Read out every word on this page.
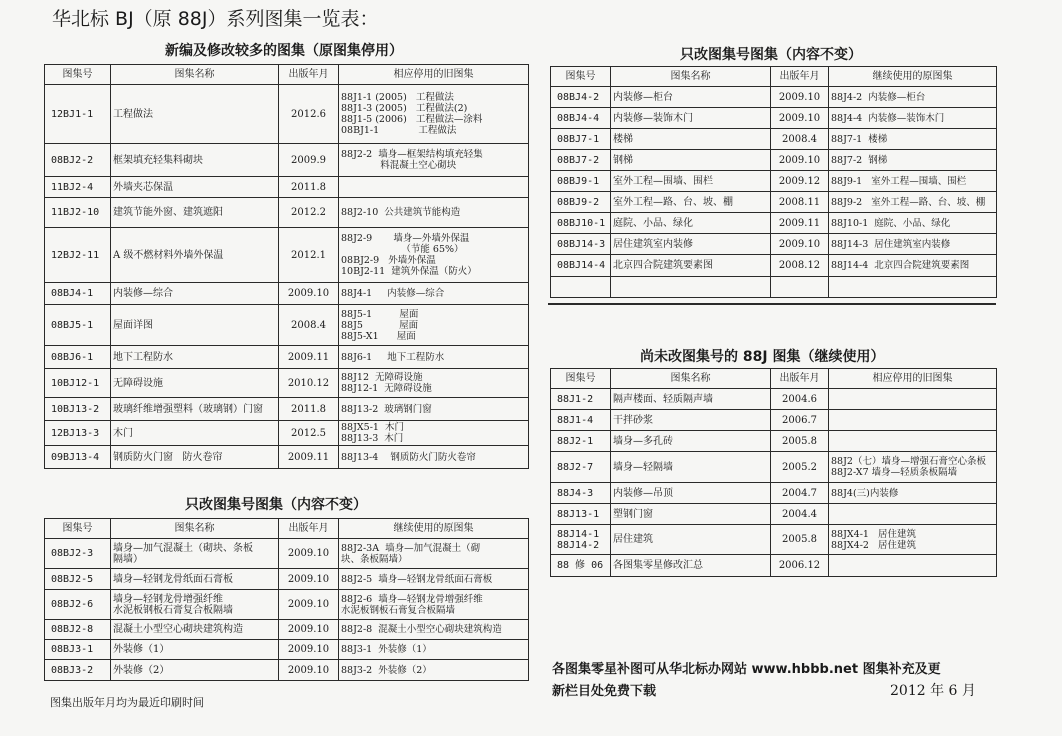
华北标 BJ（原 88J）系列图集一览表：
新编及修改较多的图集（原图集停用）
只改图集号图集（内容不变）
只改图集号图集（内容不变）
尚未改图集号的 88J 图集（继续使用）
图集号	图集名称	出版年月	相应停用的旧图集
12BJ1-1	工程做法	2012.6	88J1-1 (2005)   工程做法
88J1-3 (2005)   工程做法(2)
88J1-5 (2006)   工程做法—涂料
08BJ1-1             工程做法
08BJ2-2	框架填充轻集料砌块	2009.9	88J2-2  墙身—框架结构填充轻集
料混凝土空心砌块
11BJ2-4	外墙夹芯保温	2011.8	
11BJ2-10	建筑节能外窗、建筑遮阳	2012.2	88J2-10  公共建筑节能构造
12BJ2-11	A 级不燃材料外墙外保温	2012.1	88J2-9       墙身—外墙外保温
（节能 65%）
08BJ2-9   外墙外保温
10BJ2-11  建筑外保温（防火）
08BJ4-1	内装修—综合	2009.10	88J4-1     内装修—综合
08BJ5-1	屋面详图	2008.4	88J5-1         屋面
88J5            屋面
88J5-X1      屋面
08BJ6-1	地下工程防水	2009.11	88J6-1     地下工程防水
10BJ12-1	无障碍设施	2010.12	88J12  无障碍设施
88J12-1  无障碍设施
10BJ13-2	玻璃纤维增强塑料（玻璃钢）门窗	2011.8	88J13-2  玻璃钢门窗
12BJ13-3	木门	2012.5	88JX5-1  木门
88J13-3  木门
09BJ13-4	钢质防火门窗   防火卷帘	2009.11	88J13-4    钢质防火门防火卷帘
图集号	图集名称	出版年月	继续使用的原图集
08BJ2-3	墙身—加气混凝土（砌块、条板
隔墙）	2009.10	88J2-3A  墙身—加气混凝土（砌
块、条板隔墙）
08BJ2-5	墙身—轻钢龙骨纸面石膏板	2009.10	88J2-5  墙身—轻钢龙骨纸面石膏板
08BJ2-6	墙身—轻钢龙骨增强纤维
水泥板钢板石膏复合板隔墙	2009.10	88J2-6  墙身—轻钢龙骨增强纤维
水泥板钢板石膏复合板隔墙
08BJ2-8	混凝土小型空心砌块建筑构造	2009.10	88J2-8  混凝土小型空心砌块建筑构造
08BJ3-1	外装修（1）	2009.10	88J3-1  外装修（1）
08BJ3-2	外装修（2）	2009.10	88J3-2  外装修（2）
图集号	图集名称	出版年月	继续使用的原图集
08BJ4-2	内装修—柜台	2009.10	88J4-2  内装修—柜台
08BJ4-4	内装修—装饰木门	2009.10	88J4-4  内装修—装饰木门
08BJ7-1	楼梯	2008.4	88J7-1  楼梯
08BJ7-2	钢梯	2009.10	88J7-2  钢梯
08BJ9-1	室外工程—围墙、围栏	2009.12	88J9-1   室外工程—围墙、围栏
08BJ9-2	室外工程—路、台、坡、棚	2008.11	88J9-2   室外工程—路、台、坡、棚
08BJ10-1	庭院、小品、绿化	2009.11	88J10-1  庭院、小品、绿化
08BJ14-3	居住建筑室内装修	2009.10	88J14-3  居住建筑室内装修
08BJ14-4	北京四合院建筑要素图	2008.12	88J14-4  北京四合院建筑要素图

图集号	图集名称	出版年月	相应停用的旧图集
88J1-2	隔声楼面、轻质隔声墙	2004.6	
88J1-4	干拌砂浆	2006.7	
88J2-1	墙身—多孔砖	2005.8	
88J2-7	墙身—轻隔墙	2005.2	88J2（七）墙身—增强石膏空心条板
88J2-X7 墙身—轻质条板隔墙
88J4-3	内装修—吊顶	2004.7	88J4(三)内装修
88J13-1	塑钢门窗	2004.4	
88J14-1
88J14-2	居住建筑	2005.8	88JX4-1   居住建筑
88JX4-2   居住建筑
88 修 06	各图集零星修改汇总	2006.12	
图集出版年月均为最近印刷时间
各图集零星补图可从华北标办网站 www.hbbb.net 图集补充及更
新栏目处免费下载	2012 年 6 月
